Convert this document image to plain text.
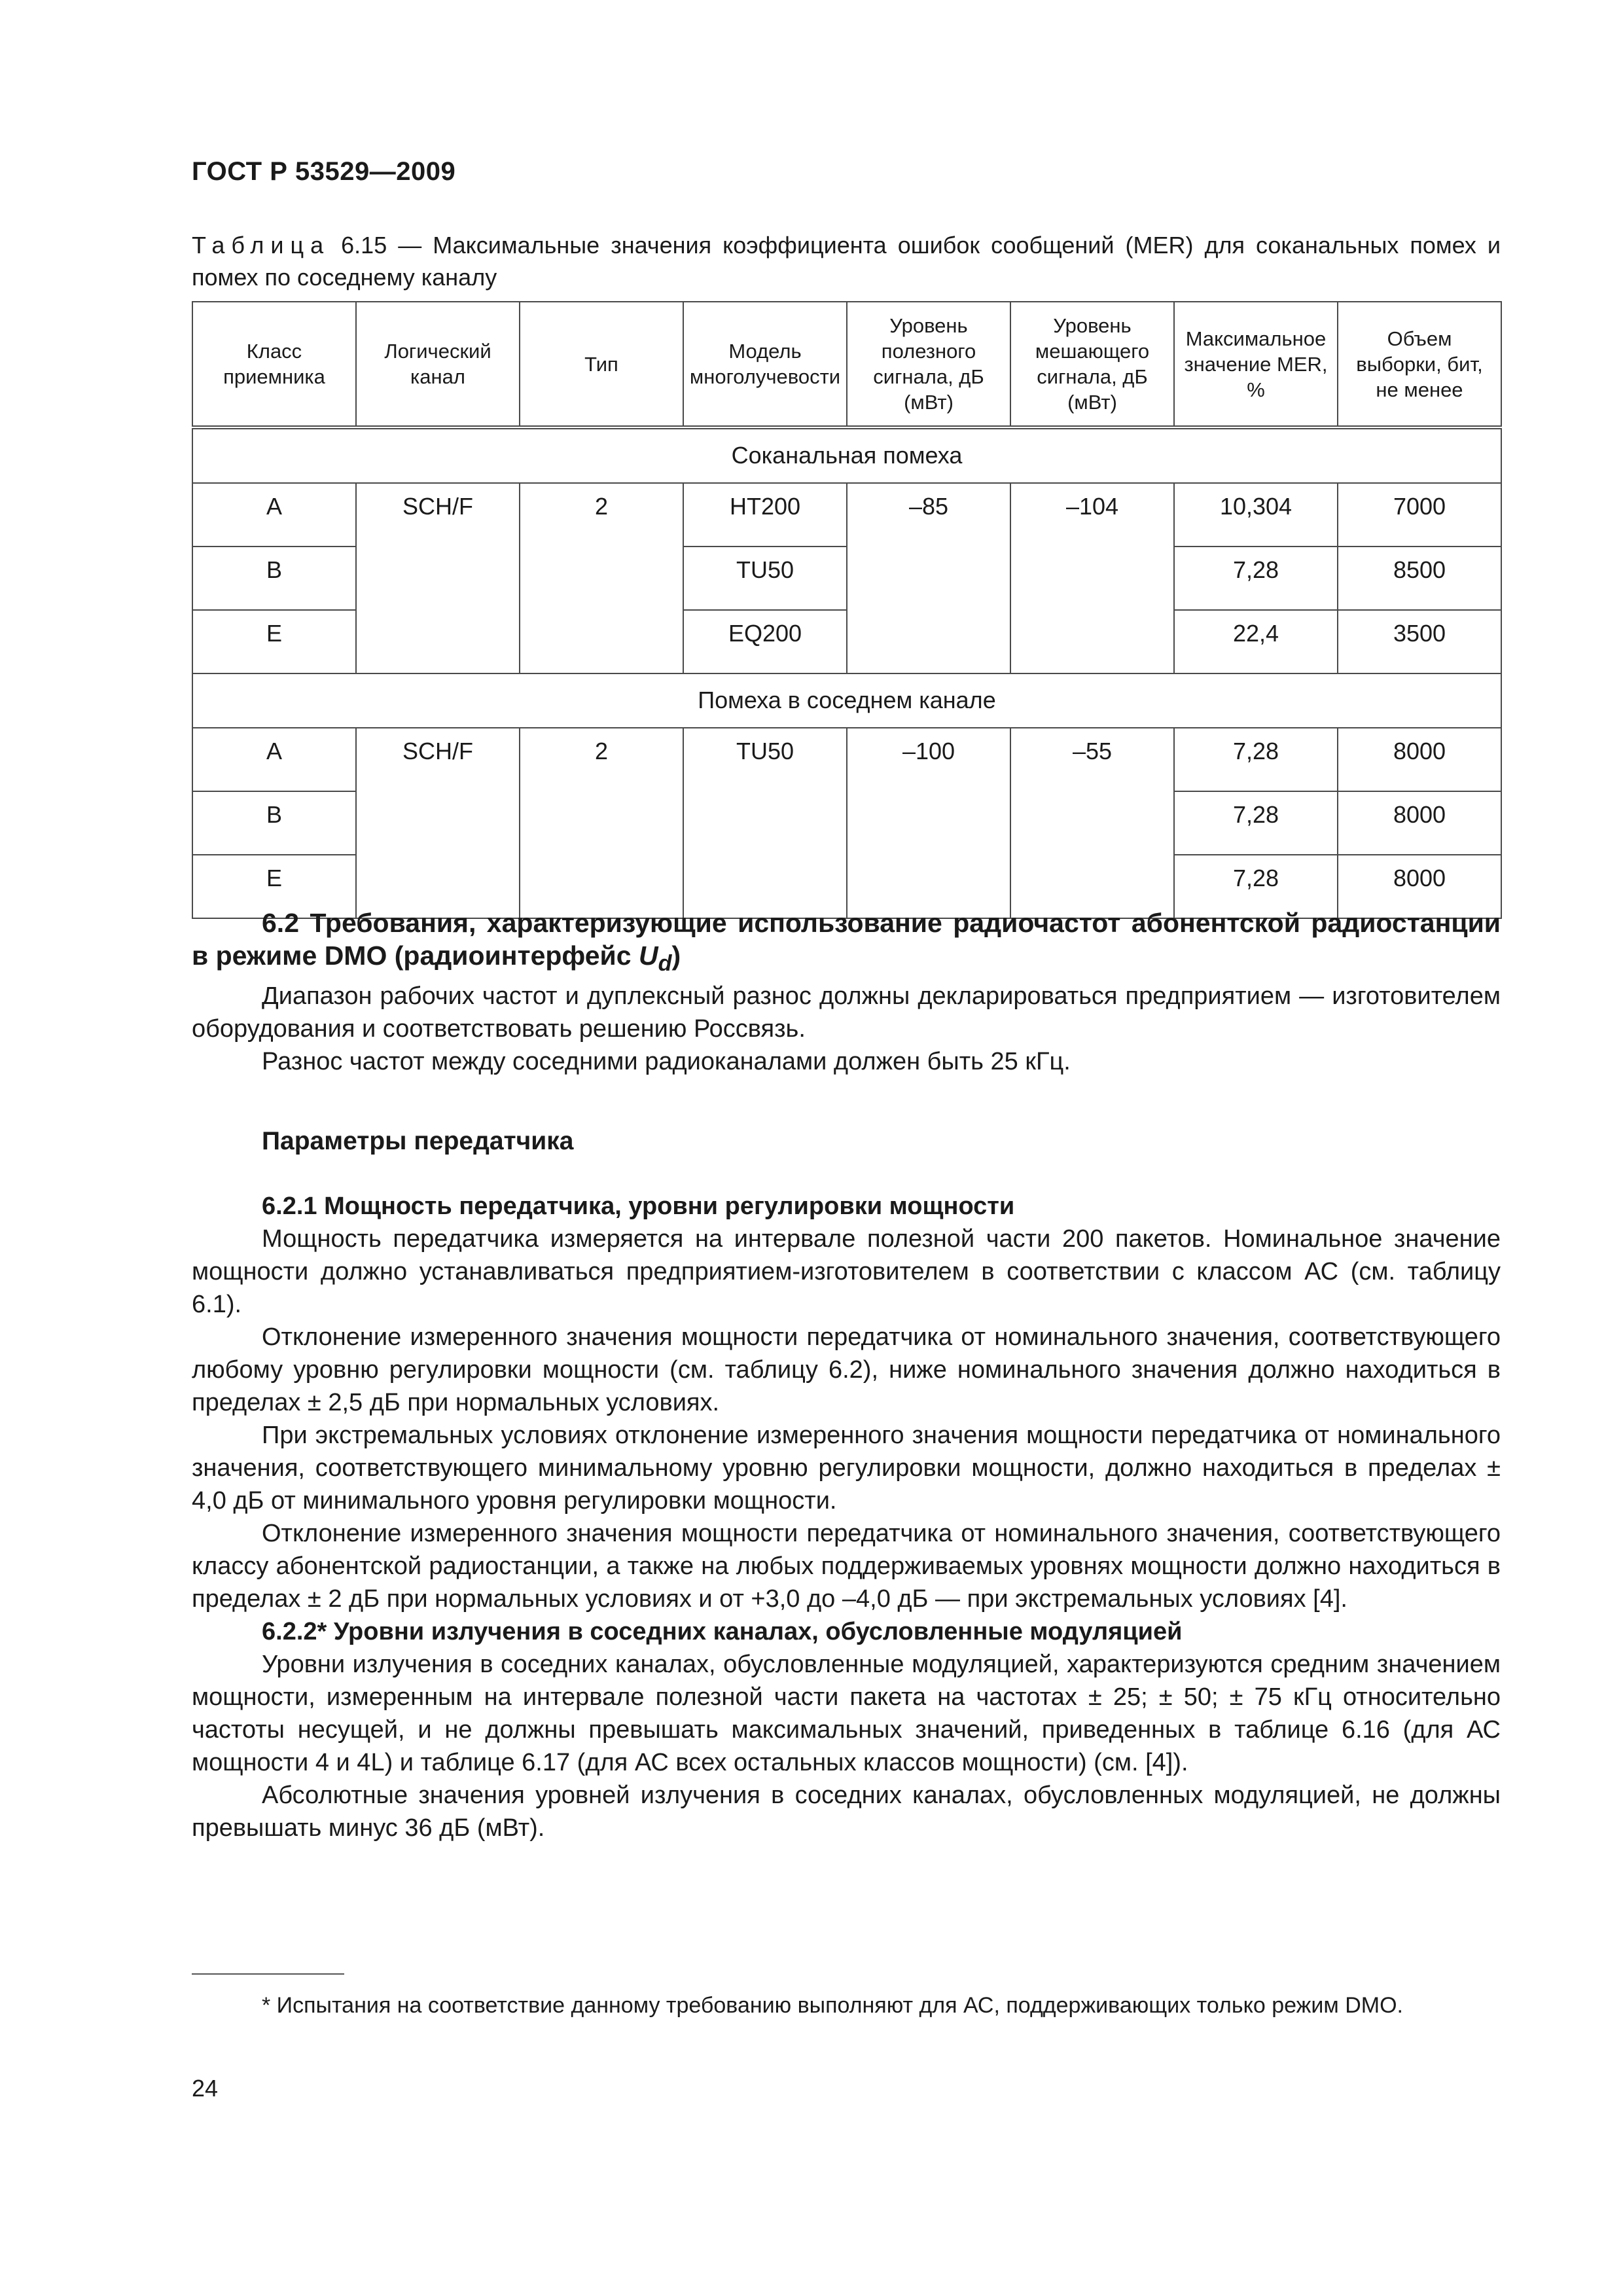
ГОСТ Р 53529—2009
Таблица 6.15 — Максимальные значения коэффициента ошибок сообщений (MER) для соканальных помех и помех по соседнему каналу
Класс приемника	Логический канал	Тип	Модель многолучевости	Уровень полезного сигнала, дБ (мВт)	Уровень мешающего сигнала, дБ (мВт)	Максимальное значение MER, %	Объем выборки, бит, не менее
Соканальная помеха							
A	SCH/F	2	HT200	–85	–104	10,304	7000
B			TU50			7,28	8500
E			EQ200			22,4	3500
Помеха в соседнем канале							
A	SCH/F	2	TU50	–100	–55	7,28	8000
B						7,28	8000
E						7,28	8000

6.2 Требования, характеризующие использование радиочастот абонентской радиостанции в режиме DMO (радиоинтерфейс $U_d$)

Диапазон рабочих частот и дуплексный разнос должны декларироваться предприятием — изготовителем оборудования и соответствовать решению Россвязь.

Разнос частот между соседними радиоканалами должен быть 25 кГц.

Параметры передатчика

6.2.1 Мощность передатчика, уровни регулировки мощности

Мощность передатчика измеряется на интервале полезной части 200 пакетов. Номинальное значение мощности должно устанавливаться предприятием-изготовителем в соответствии с классом АС (см. таблицу 6.1).

Отклонение измеренного значения мощности передатчика от номинального значения, соответствующего любому уровню регулировки мощности (см. таблицу 6.2), ниже номинального значения должно находиться в пределах ± 2,5 дБ при нормальных условиях.

При экстремальных условиях отклонение измеренного значения мощности передатчика от номинального значения, соответствующего минимальному уровню регулировки мощности, должно находиться в пределах ± 4,0 дБ от минимального уровня регулировки мощности.

Отклонение измеренного значения мощности передатчика от номинального значения, соответствующего классу абонентской радиостанции, а также на любых поддерживаемых уровнях мощности должно находиться в пределах ± 2 дБ при нормальных условиях и от +3,0 до –4,0 дБ — при экстремальных условиях [4].

6.2.2* Уровни излучения в соседних каналах, обусловленные модуляцией

Уровни излучения в соседних каналах, обусловленные модуляцией, характеризуются средним значением мощности, измеренным на интервале полезной части пакета на частотах ± 25; ± 50; ± 75 кГц относительно частоты несущей, и не должны превышать максимальных значений, приведенных в таблице 6.16 (для АС мощности 4 и 4L) и таблице 6.17 (для АС всех остальных классов мощности) (см. [4]).

Абсолютные значения уровней излучения в соседних каналах, обусловленных модуляцией, не должны превышать минус 36 дБ (мВт).

* Испытания на соответствие данному требованию выполняют для АС, поддерживающих только режим DMO.

24
